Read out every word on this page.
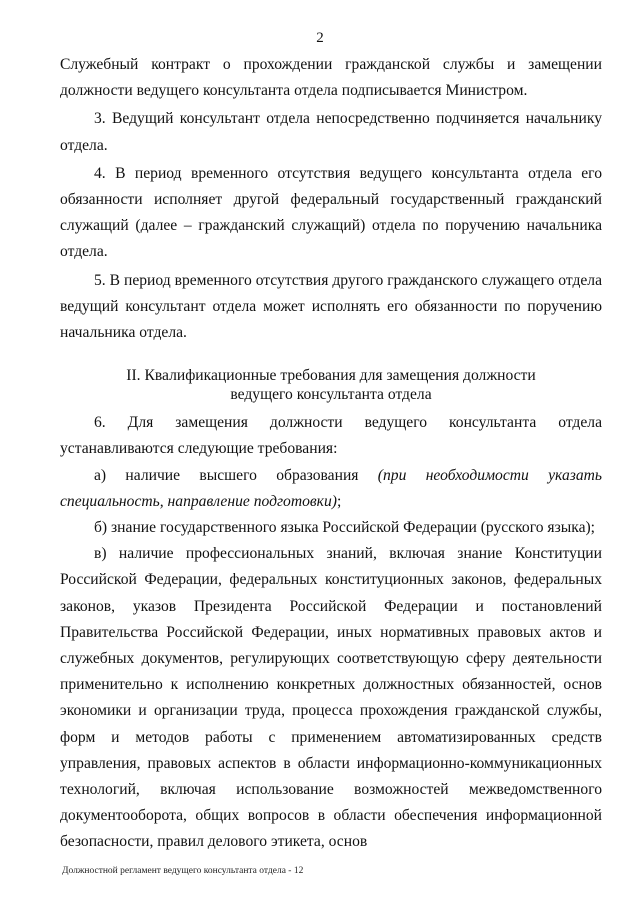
2

Служебный контракт о прохождении гражданской службы и замещении должности ведущего консультанта отдела подписывается Министром.

3. Ведущий консультант отдела непосредственно подчиняется начальнику отдела.

4. В период временного отсутствия ведущего консультанта отдела его обязанности исполняет другой федеральный государственный гражданский служащий (далее – гражданский служащий) отдела по поручению начальника отдела.

5. В период временного отсутствия другого гражданского служащего отдела ведущий консультант отдела может исполнять его обязанности по поручению начальника отдела.

II. Квалификационные требования для замещения должности
ведущего консультанта отдела

6. Для замещения должности ведущего консультанта отдела устанавливаются следующие требования:

а) наличие высшего образования (при необходимости указать специальность, направление подготовки);

б) знание государственного языка Российской Федерации (русского языка);

в) наличие профессиональных знаний, включая знание Конституции Российской Федерации, федеральных конституционных законов, федеральных законов, указов Президента Российской Федерации и постановлений Правительства Российской Федерации, иных нормативных правовых актов и служебных документов, регулирующих соответствующую сферу деятельности применительно к исполнению конкретных должностных обязанностей, основ экономики и организации труда, процесса прохождения гражданской службы, форм и методов работы с применением автоматизированных средств управления, правовых аспектов в области информационно-коммуникационных технологий, включая использование возможностей межведомственного документооборота, общих вопросов в области обеспечения информационной безопасности, правил делового этикета, основ

Должностной регламент ведущего консультанта отдела - 12
